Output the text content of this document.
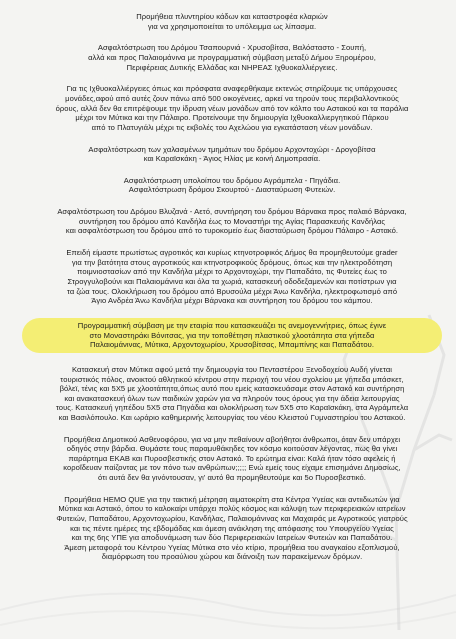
Προμήθεια πλυντηρίου κάδων και καταστροφέα κλαριών
για να χρησιμοποιείται το υπόλειμμα ως λίπασμα.

Ασφαλτόστρωση του Δρόμου Τσαπουρνιά - Χρυσοβίτσα, Βαλόσταστο - Σουπή,
αλλά και προς Παλαιομάνινα με προγραμματική σύμβαση μεταξύ Δήμου Ξηρομέρου,
Περιφέρειας Δυτικής Ελλάδας και ΝΗΡΕΑΣ Ιχθυοκαλλιέργειες.

Για τις Ιχθυοκαλλιέργειες όπως και πρόσφατα αναφερθήκαμε εκτενώς στηρίζουμε τις υπάρχουσες
μονάδες,αφού από αυτές ζουν πάνω από 500 οικογένειες, αρκεί να τηρούν τους περιβαλλοντικούς
όρους, αλλά δεν θα επιτρέψουμε την ίδρυση νέων μονάδων από τον κόλπο του Αστακού και τα παράλια
μέχρι τον Μύτικα και την Πάλαιρο. Προτείνουμε την δημιουργία Ιχθυοκαλλιεργητικού Πάρκου
από το Πλατυγιάλι μέχρι τις εκβολές του Αχελώου για εγκατάσταση νέων μονάδων.

Ασφαλτόστρωση των χαλασμένων τμημάτων του δρόμου Αρχοντοχώρι - Δρογοβίτσα
και Καραϊσκάκη - Άγιος Ηλίας με κοινή Δημοπρασία.

Ασφαλτόστρωση υπολοίπου του δρόμου Αγράμπελα - Πηγάδια.
Ασφαλτόστρωση δρόμου Σκουρτού - Διασταύρωση Φυτειών.

Ασφαλτόστρωση του Δρόμου Βλυζανά - Αετό, συντήρηση του δρόμου Βάρνακα προς παλαιό Βάρνακα,
συντήρηση του δρόμου από Κανδήλα έως το Μοναστήρι της Αγίας Παρασκευής Κανδήλας
και ασφαλτόστρωση του δρόμου από το τυροκομείο έως διασταύρωση δρόμου Πάλαιρο - Αστακό.

Επειδή είμαστε πρωτίστως αγροτικός και κυρίως κτηνοτροφικός Δήμος θα προμηθευτούμε grader
για την βατότητα στους αγροτικούς και κτηνοτροφικούς δρόμους, όπως και την ηλεκτροδότηση
ποιμνιοστασίων από την Κανδήλα μέχρι το Αρχοντοχώρι, την Παπαδάτο, τις Φυτείες έως το
Στρογγυλοβούνι και Παλαιομάνινα και όλα τα χωριά, κατασκευή οδοδεξαμενών και ποτίστρων για
τα ζώα τους. Ολοκλήρωση του δρόμου από Βρυσούλα μέχρι Άνω Κανδήλα, ηλεκτροφωτισμό από
Άγιο Ανδρέα Άνω Κανδήλα μέχρι Βάρνακα και συντήρηση του δρόμου του κάμπου.

Προγραμματική σύμβαση με την εταιρία που κατασκευάζει τις ανεμογεννήτριες, όπως έγινε
στο Μοναστηράκι Βόνιτσας, για την τοποθέτηση πλαστικού χλοοτάπητα στα γήπεδα
Παλαιομάνινας, Μύτικα, Αρχοντοχωρίου, Χρυσοβίτσας, Μπαμπίνης και Παπαδάτου.

Κατασκευή στον Μύτικα αφού μετά την δημιουργία του Πενταστέρου Ξενοδοχείου Αυδή γίνεται
τουριστικός πόλος, ανοικτού αθλητικού κέντρου στην περιοχή του νέου σχολείου με γήπεδα μπάσκετ,
βόλεϊ, τένις και 5Χ5 με χλοοτάπητα,όπως αυτό που εμείς κατασκευάσαμε στον Αστακό και συντήρηση
και ανακατασκευή όλων των παιδικών χαρών για να πληρούν τους όρους για την άδεια λειτουργίας
τους. Κατασκευή γηπέδου 5Χ5 στα Πηγάδια και ολοκλήρωση των 5Χ5 στο Καραϊσκάκη, στα Αγράμπελα
και Βασιλόπουλο. Και ωράριο καθημερινής λειτουργίας του νέου Κλειστού Γυμναστηρίου του Αστακού.

Προμήθεια Δημοτικού Ασθενοφόρου, για να μην πεθαίνουν αβοήθητοι άνθρωποι, όταν δεν υπάρχει
οδηγός στην βάρδια. Θυμάστε τους παραμυθάκηδες τον κόσμο κοιτούσαν λέγοντας, πως θα γίνει
παράρτημα ΕΚΑΒ και Πυροσβεστικής στον Αστακό. Το ερώτημα είναι: Καλά ήταν τόσο αφελείς ή
κοροΐδευαν παίζοντας με τον πόνο των ανθρώπων;;;;; Ενώ εμείς τους είχαμε επισημάνει Δημοσίως,
ότι αυτά δεν θα γινόντουσαν, γι' αυτό θα προμηθευτούμε και 5ο Πυροσβεστικό.

Προμήθεια HEMO QUE για την τακτική μέτρηση αιματοκρίτη στα Κέντρα Υγείας και αντιιδιωτών για
Μύτικα και Αστακό, όπου το καλοκαίρι υπάρχει πολύς κόσμος και κάλυψη των περιφερειακών ιατρείων
Φυτειών, Παπαδάτου, Αρχοντοχωρίου, Κανδήλας, Παλαιομάνινας και Μαχαιράς με Αγροτικούς γιατρούς
και τις πέντε ημέρες της εβδομάδας και άμεση ανάκληση της απόφασης του Υπουργείου Υγείας
και της 6ης ΥΠΕ για αποδυνάμωση των δύο Περιφερειακών Ιατρείων Φυτειών και Παπαδάτου.
Άμεση μεταφορά του Κέντρου Υγείας Μύτικα στο νέο κτίριο, προμήθεια του αναγκαίου εξοπλισμού,
διαμόρφωση του προαύλιου χώρου και διάνοιξη των παρακείμενων δρόμων.
